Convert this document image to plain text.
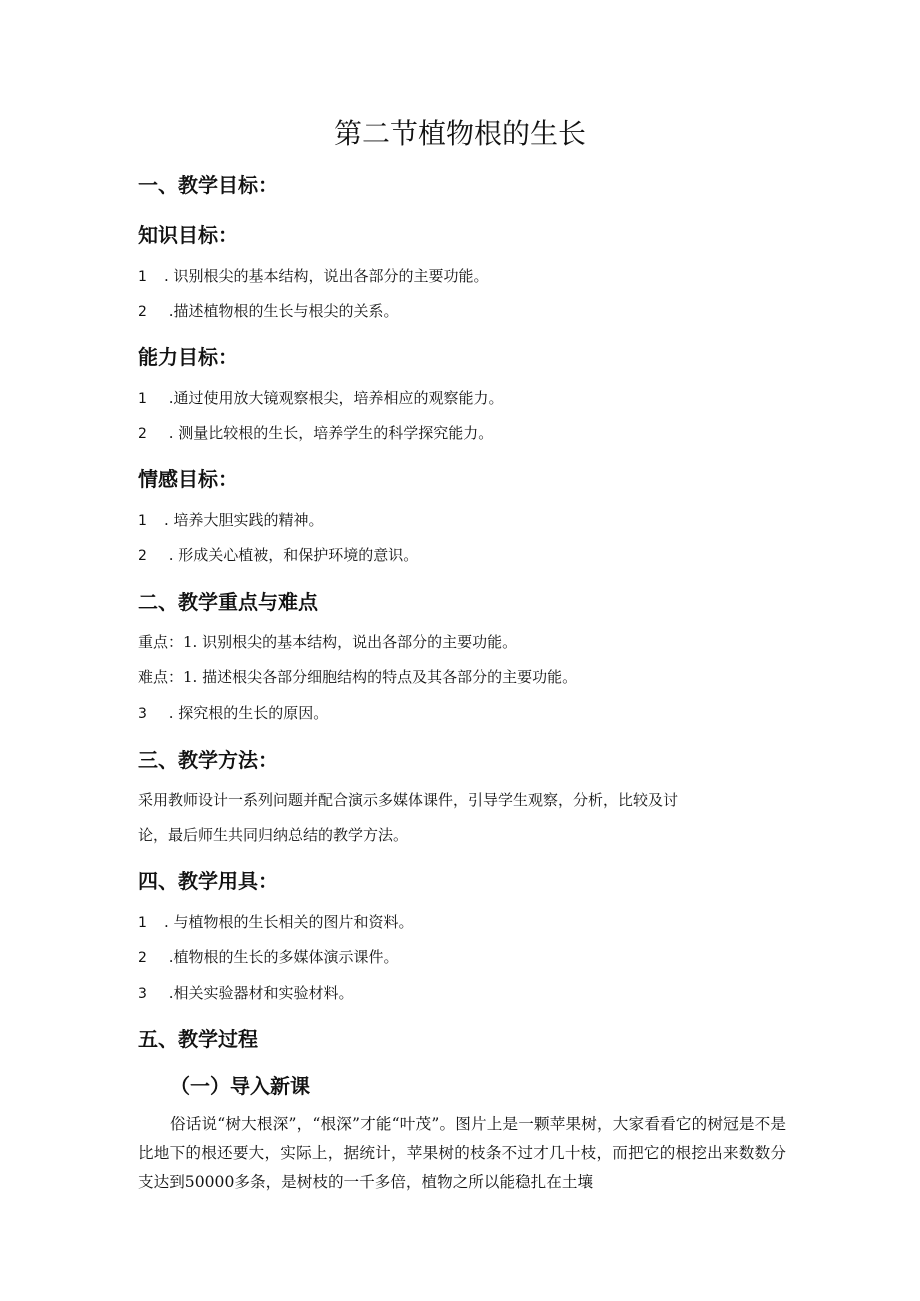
第二节植物根的生长
一、教学目标：
知识目标：

1 . 识别根尖的基本结构，说出各部分的主要功能。

2 .描述植物根的生长与根尖的关系。

能力目标：

1 .通过使用放大镜观察根尖，培养相应的观察能力。

2 . 测量比较根的生长，培养学生的科学探究能力。

情感目标：

1 . 培养大胆实践的精神。

2 . 形成关心植被，和保护环境的意识。

二、教学重点与难点

重点：1. 识别根尖的基本结构，说出各部分的主要功能。

难点：1. 描述根尖各部分细胞结构的特点及其各部分的主要功能。

3 . 探究根的生长的原因。

三、教学方法：

采用教师设计一系列问题并配合演示多媒体课件，引导学生观察，分析，比较及讨

论，最后师生共同归纳总结的教学方法。

四、教学用具：

1 . 与植物根的生长相关的图片和资料。

2 .植物根的生长的多媒体演示课件。

3 .相关实验器材和实验材料。

五、教学过程
（一）导入新课

俗话说“树大根深”，“根深”才能“叶茂”。图片上是一颗苹果树，大家看看它的树冠是不是比地下的根还要大，实际上，据统计，苹果树的枝条不过才几十枝，而把它的根挖出来数数分支达到50000多条，是树枝的一千多倍，植物之所以能稳扎在土壤
